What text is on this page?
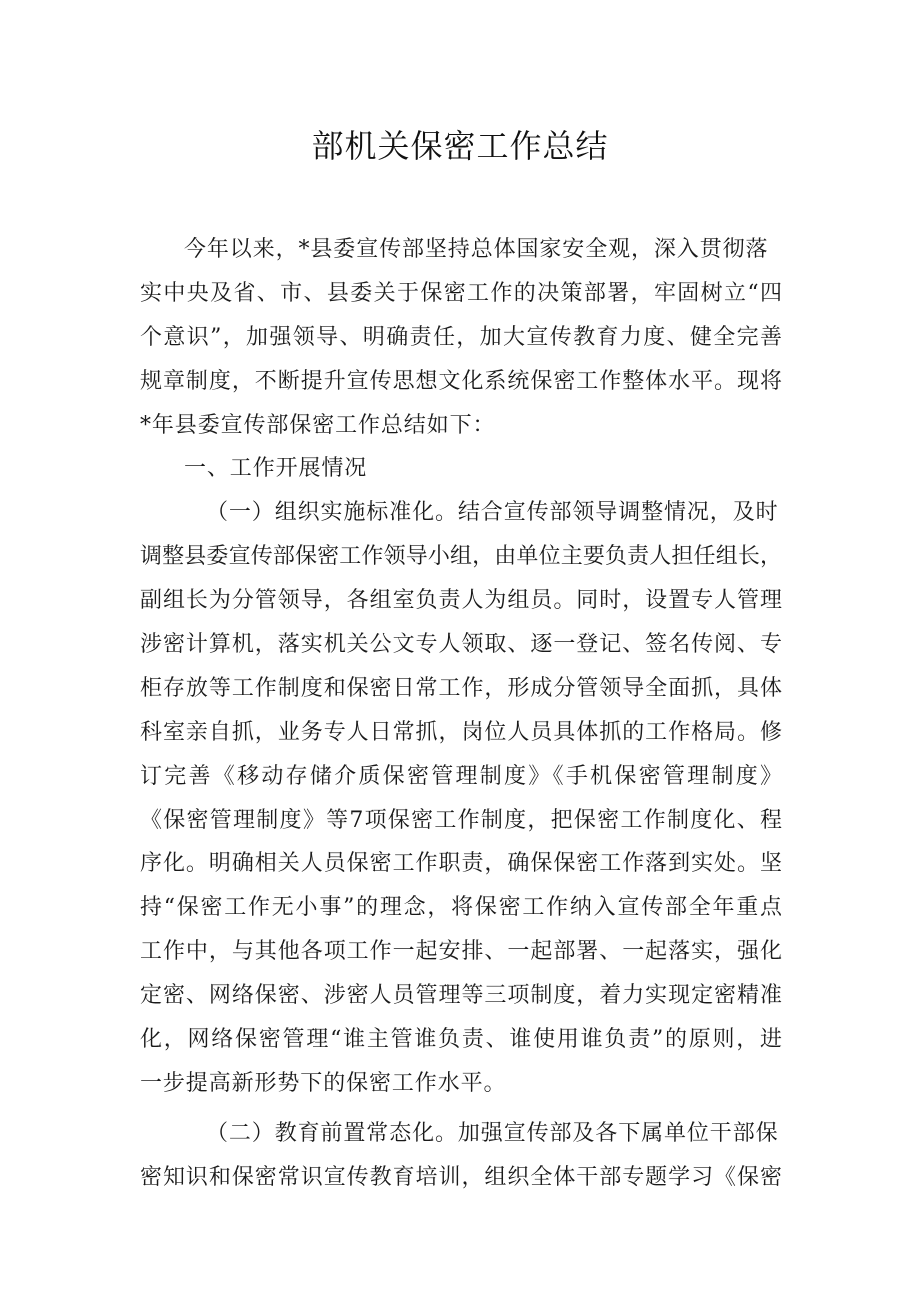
部机关保密工作总结
今年以来，*县委宣传部坚持总体国家安全观，深入贯彻落
实中央及省、市、县委关于保密工作的决策部署，牢固树立“四
个意识”，加强领导、明确责任，加大宣传教育力度、健全完善
规章制度，不断提升宣传思想文化系统保密工作整体水平。现将
*年县委宣传部保密工作总结如下：
一、工作开展情况
（一）组织实施标准化。结合宣传部领导调整情况，及时
调整县委宣传部保密工作领导小组，由单位主要负责人担任组长，
副组长为分管领导，各组室负责人为组员。同时，设置专人管理
涉密计算机，落实机关公文专人领取、逐一登记、签名传阅、专
柜存放等工作制度和保密日常工作，形成分管领导全面抓，具体
科室亲自抓，业务专人日常抓，岗位人员具体抓的工作格局。修
订完善《移动存储介质保密管理制度》《手机保密管理制度》
《保密管理制度》等7项保密工作制度，把保密工作制度化、程
序化。明确相关人员保密工作职责，确保保密工作落到实处。坚
持“保密工作无小事”的理念，将保密工作纳入宣传部全年重点
工作中，与其他各项工作一起安排、一起部署、一起落实，强化
定密、网络保密、涉密人员管理等三项制度，着力实现定密精准
化，网络保密管理“谁主管谁负责、谁使用谁负责”的原则，进
一步提高新形势下的保密工作水平。
（二）教育前置常态化。加强宣传部及各下属单位干部保
密知识和保密常识宣传教育培训，组织全体干部专题学习《保密
